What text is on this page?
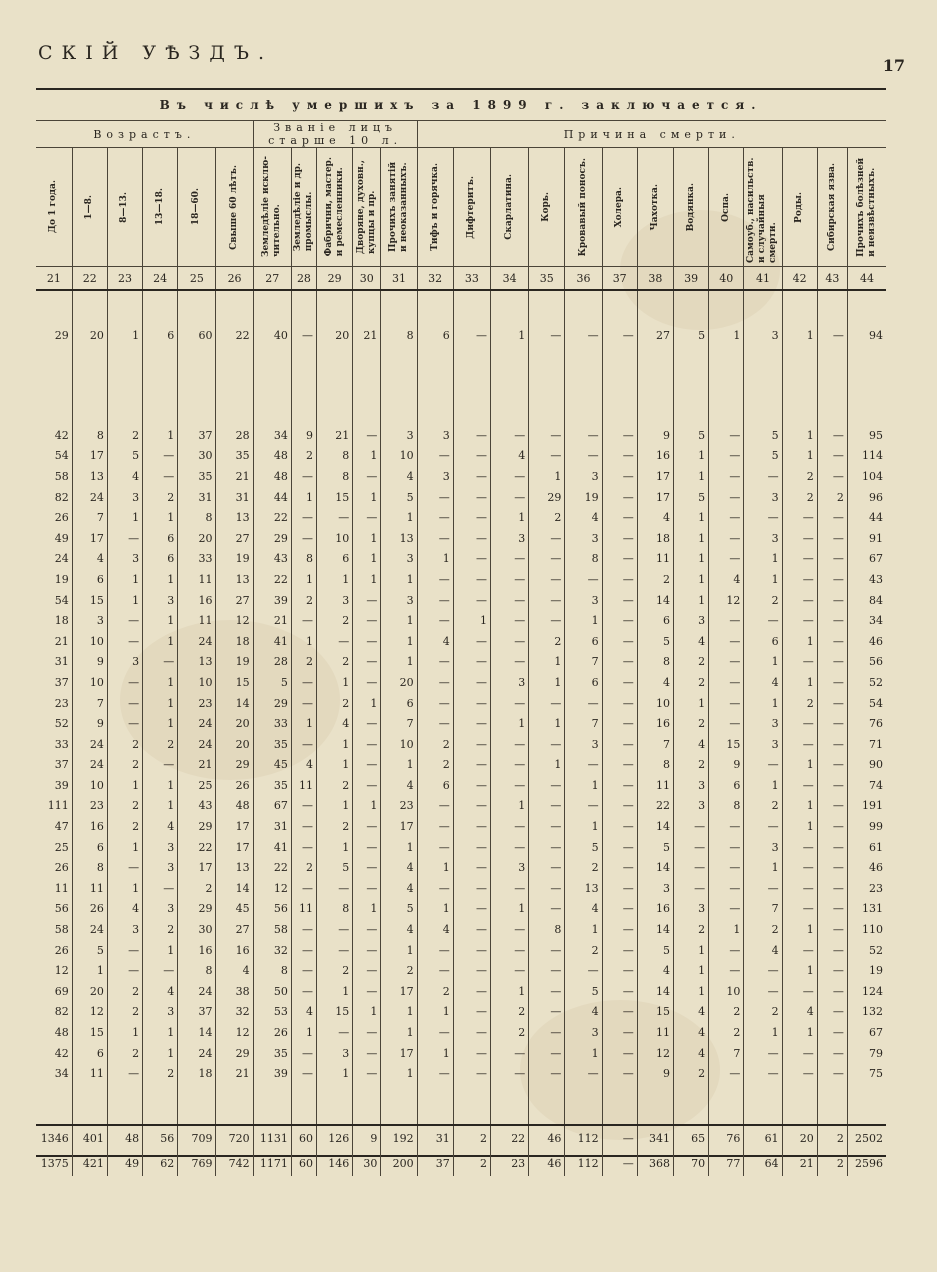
СКІЙ УѢЗДЪ.
17
Въ числѣ умершихъ за 1899 г. заключается.																							
Возрастъ.						Званіе лицъ старше 10 л.					Причина смерти.												

До 1 года.	1—8.	8—13.	13—18.	18—60.	Свыше 60 лѣтъ.	Земледѣліе исклю-
чительно.	Земледѣліе и др.
промыслы.	Фабрични, мастер.
и ремесленники.	Дворяне, духовн.,
купцы и пр.	Прочихъ занятій
и неоказанныхъ.	Тифъ и горячка.	Дифтеритъ.	Скарлатина.	Корь.	Кровавый поносъ.	Холера.	Чахотка.	Водянка.	Оспа.	Самоуб., насильств.
и случайныя смерти.	Роды.	Сибирская язва.	Прочихъ болѣзней
и неизвѣстныхъ.

21	22	23	24	25	26	27	28	29	30	31	32	33	34	35	36	37	38	39	40	41	42	43	44

29	20	1	6	60	22	40	—	20	21	8	6	—	1	—	—	—	27	5	1	3	1	—	94

42	8	2	1	37	28	34	9	21	—	3	3	—	—	—	—	—	9	5	—	5	1	—	95
54	17	5	—	30	35	48	2	8	1	10	—	—	4	—	—	—	16	1	—	5	1	—	114
58	13	4	—	35	21	48	—	8	—	4	3	—	—	1	3	—	17	1	—	—	2	—	104
82	24	3	2	31	31	44	1	15	1	5	—	—	—	29	19	—	17	5	—	3	2	2	96
26	7	1	1	8	13	22	—	—	—	1	—	—	1	2	4	—	4	1	—	—	—	—	44
49	17	—	6	20	27	29	—	10	1	13	—	—	3	—	3	—	18	1	—	3	—	—	91
24	4	3	6	33	19	43	8	6	1	3	1	—	—	—	8	—	11	1	—	1	—	—	67
19	6	1	1	11	13	22	1	1	1	1	—	—	—	—	—	—	2	1	4	1	—	—	43
54	15	1	3	16	27	39	2	3	—	3	—	—	—	—	3	—	14	1	12	2	—	—	84
18	3	—	1	11	12	21	—	2	—	1	—	1	—	—	1	—	6	3	—	—	—	—	34
21	10	—	1	24	18	41	1	—	—	1	4	—	—	2	6	—	5	4	—	6	1	—	46
31	9	3	—	13	19	28	2	2	—	1	—	—	—	1	7	—	8	2	—	1	—	—	56
37	10	—	1	10	15	5	—	1	—	20	—	—	3	1	6	—	4	2	—	4	1	—	52
23	7	—	1	23	14	29	—	2	1	6	—	—	—	—	—	—	10	1	—	1	2	—	54
52	9	—	1	24	20	33	1	4	—	7	—	—	1	1	7	—	16	2	—	3	—	—	76
33	24	2	2	24	20	35	—	1	—	10	2	—	—	—	3	—	7	4	15	3	—	—	71
37	24	2	—	21	29	45	4	1	—	1	2	—	—	1	—	—	8	2	9	—	1	—	90
39	10	1	1	25	26	35	11	2	—	4	6	—	—	—	1	—	11	3	6	1	—	—	74
111	23	2	1	43	48	67	—	1	1	23	—	—	1	—	—	—	22	3	8	2	1	—	191
47	16	2	4	29	17	31	—	2	—	17	—	—	—	—	1	—	14	—	—	—	1	—	99
25	6	1	3	22	17	41	—	1	—	1	—	—	—	—	5	—	5	—	—	3	—	—	61
26	8	—	3	17	13	22	2	5	—	4	1	—	3	—	2	—	14	—	—	1	—	—	46
11	11	1	—	2	14	12	—	—	—	4	—	—	—	—	13	—	3	—	—	—	—	—	23
56	26	4	3	29	45	56	11	8	1	5	1	—	1	—	4	—	16	3	—	7	—	—	131
58	24	3	2	30	27	58	—	—	—	4	4	—	—	8	1	—	14	2	1	2	1	—	110
26	5	—	1	16	16	32	—	—	—	1	—	—	—	—	2	—	5	1	—	4	—	—	52
12	1	—	—	8	4	8	—	2	—	2	—	—	—	—	—	—	4	1	—	—	1	—	19
69	20	2	4	24	38	50	—	1	—	17	2	—	1	—	5	—	14	1	10	—	—	—	124
82	12	2	3	37	32	53	4	15	1	1	1	—	2	—	4	—	15	4	2	2	4	—	132
48	15	1	1	14	12	26	1	—	—	1	—	—	2	—	3	—	11	4	2	1	1	—	67
42	6	2	1	24	29	35	—	3	—	17	1	—	—	—	1	—	12	4	7	—	—	—	79
34	11	—	2	18	21	39	—	1	—	1	—	—	—	—	—	—	9	2	—	—	—	—	75

1346	401	48	56	709	720	1131	60	126	9	192	31	2	22	46	112	—	341	65	76	61	20	2	2502
1375	421	49	62	769	742	1171	60	146	30	200	37	2	23	46	112	—	368	70	77	64	21	2	2596
